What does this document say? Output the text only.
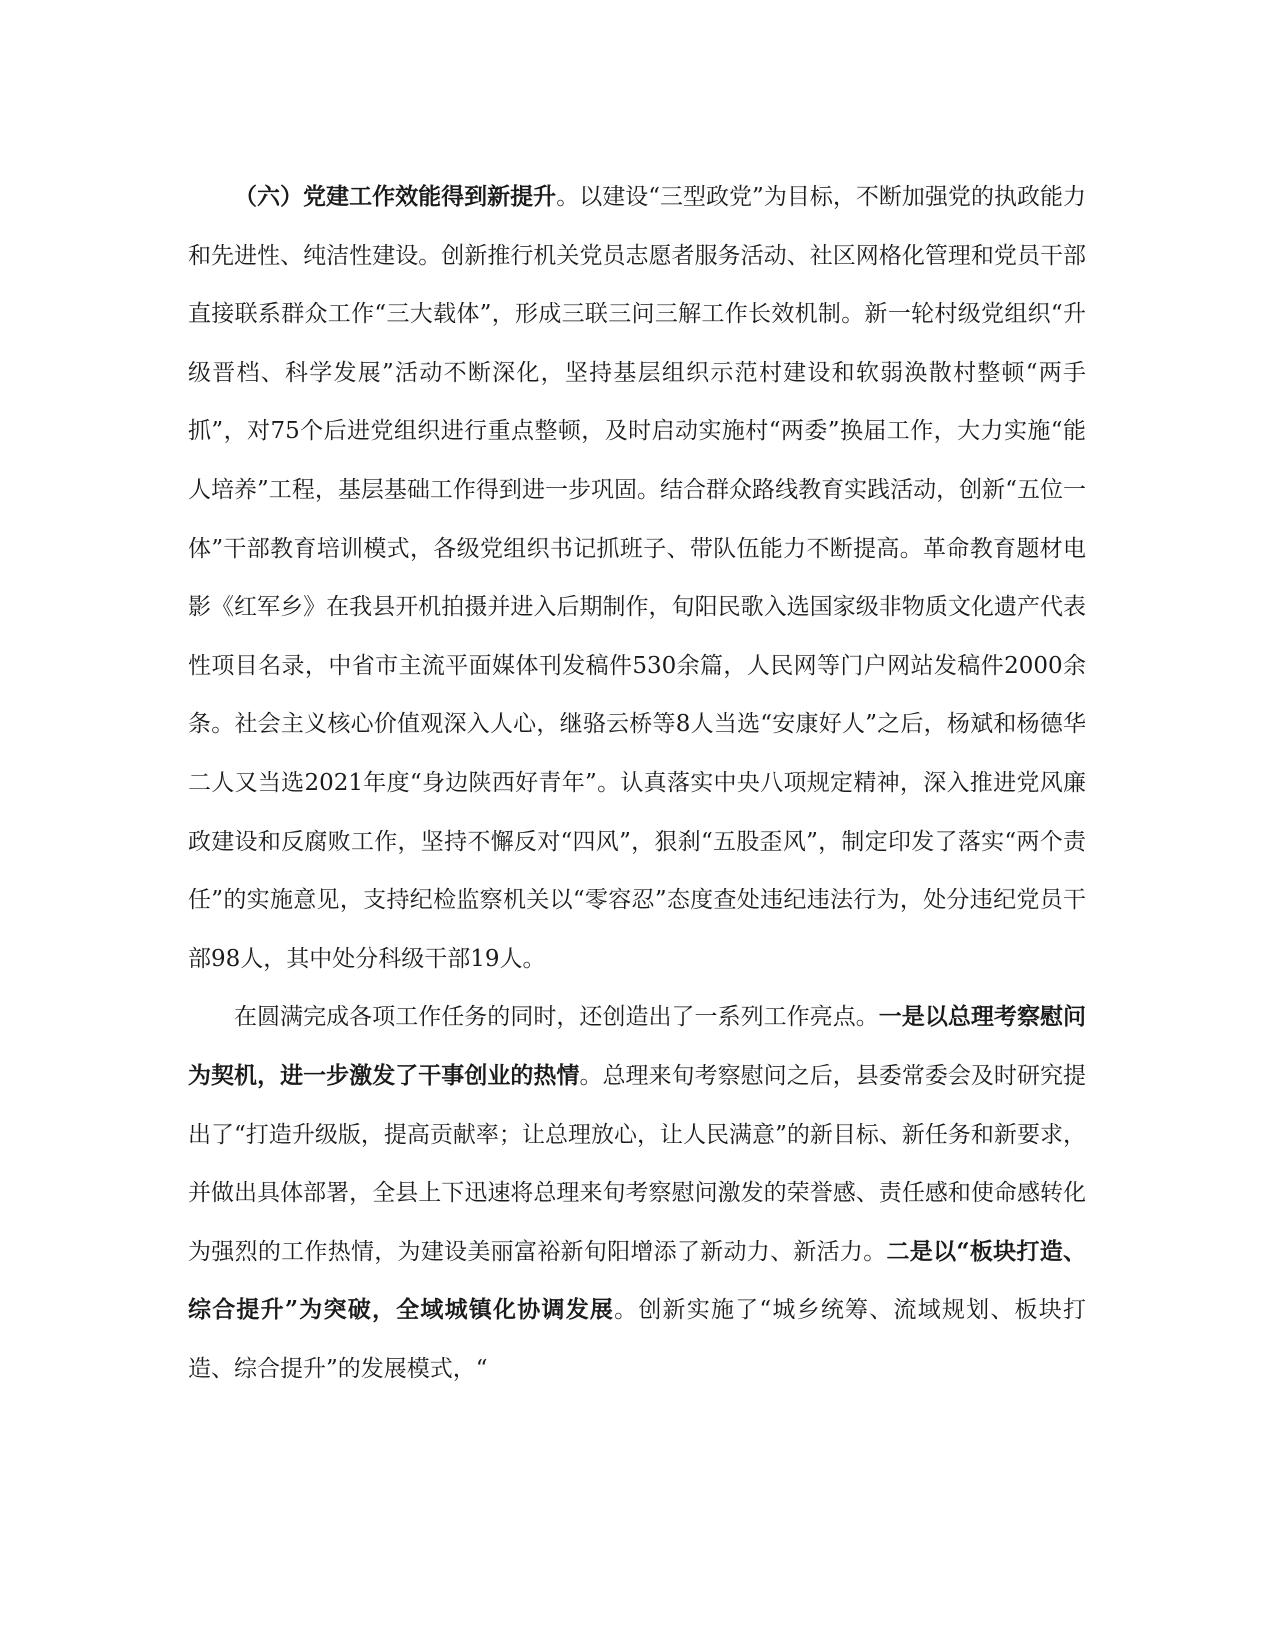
（六）党建工作效能得到新提升。以建设“三型政党”为目标，不断加强党的执政能力和先进性、纯洁性建设。创新推行机关党员志愿者服务活动、社区网格化管理和党员干部直接联系群众工作“三大载体”，形成三联三问三解工作长效机制。新一轮村级党组织“升级晋档、科学发展”活动不断深化，坚持基层组织示范村建设和软弱涣散村整顿“两手抓”，对75个后进党组织进行重点整顿，及时启动实施村“两委”换届工作，大力实施“能人培养”工程，基层基础工作得到进一步巩固。结合群众路线教育实践活动，创新“五位一体”干部教育培训模式，各级党组织书记抓班子、带队伍能力不断提高。革命教育题材电影《红军乡》在我县开机拍摄并进入后期制作，旬阳民歌入选国家级非物质文化遗产代表性项目名录，中省市主流平面媒体刊发稿件530余篇，人民网等门户网站发稿件2000余条。社会主义核心价值观深入人心，继骆云桥等8人当选“安康好人”之后，杨斌和杨德华二人又当选2021年度“身边陕西好青年”。认真落实中央八项规定精神，深入推进党风廉政建设和反腐败工作，坚持不懈反对“四风”，狠刹“五股歪风”，制定印发了落实“两个责任”的实施意见，支持纪检监察机关以“零容忍”态度查处违纪违法行为，处分违纪党员干部98人，其中处分科级干部19人。

在圆满完成各项工作任务的同时，还创造出了一系列工作亮点。一是以总理考察慰问为契机，进一步激发了干事创业的热情。总理来旬考察慰问之后，县委常委会及时研究提出了“打造升级版，提高贡献率；让总理放心，让人民满意”的新目标、新任务和新要求，并做出具体部署，全县上下迅速将总理来旬考察慰问激发的荣誉感、责任感和使命感转化为强烈的工作热情，为建设美丽富裕新旬阳增添了新动力、新活力。二是以“板块打造、综合提升”为突破，全域城镇化协调发展。创新实施了“城乡统筹、流域规划、板块打造、综合提升”的发展模式，“
